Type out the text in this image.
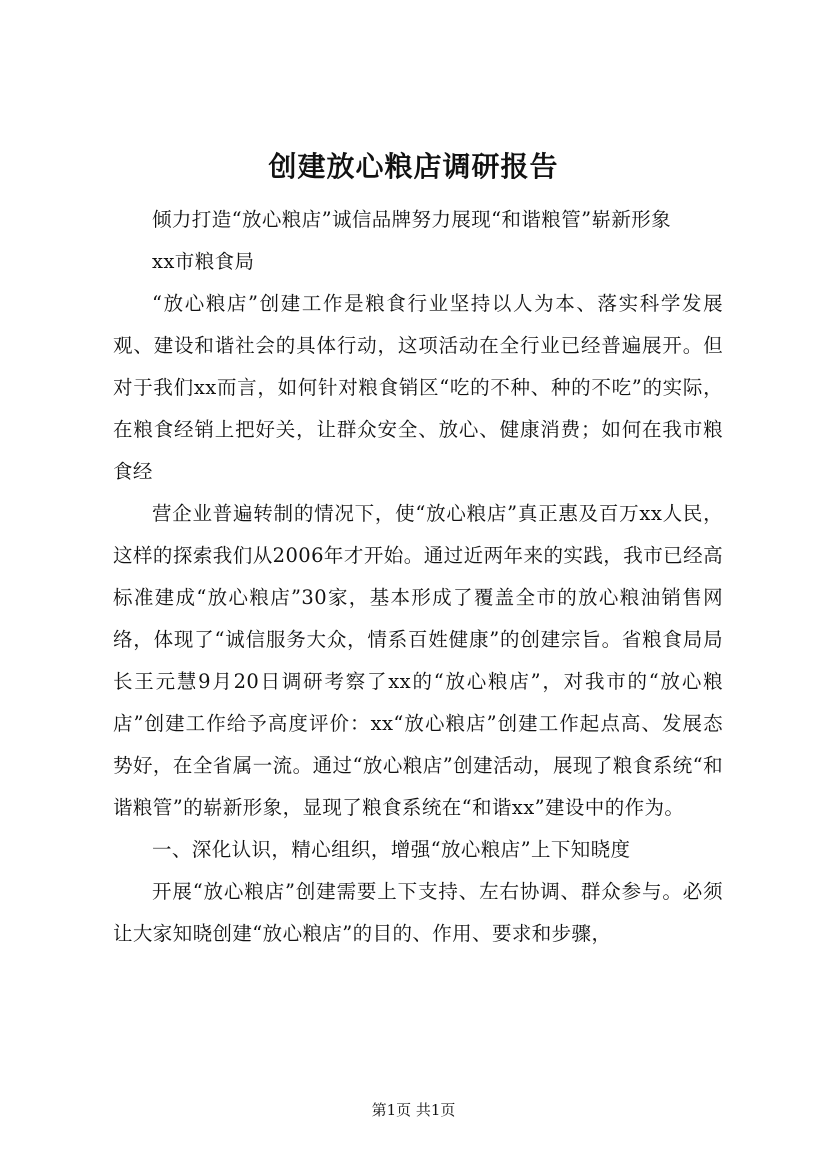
创建放心粮店调研报告

倾力打造“放心粮店”诚信品牌努力展现“和谐粮管”崭新形象

xx市粮食局

“放心粮店”创建工作是粮食行业坚持以人为本、落实科学发展观、建设和谐社会的具体行动，这项活动在全行业已经普遍展开。但对于我们xx而言，如何针对粮食销区“吃的不种、种的不吃”的实际，在粮食经销上把好关，让群众安全、放心、健康消费；如何在我市粮食经

营企业普遍转制的情况下，使“放心粮店”真正惠及百万xx人民，这样的探索我们从2006年才开始。通过近两年来的实践，我市已经高标准建成“放心粮店”30家，基本形成了覆盖全市的放心粮油销售网络，体现了“诚信服务大众，情系百姓健康”的创建宗旨。省粮食局局长王元慧9月20日调研考察了xx的“放心粮店”，对我市的“放心粮店”创建工作给予高度评价：xx“放心粮店”创建工作起点高、发展态势好，在全省属一流。通过“放心粮店”创建活动，展现了粮食系统“和谐粮管”的崭新形象，显现了粮食系统在“和谐xx”建设中的作为。

一、深化认识，精心组织，增强“放心粮店”上下知晓度

开展“放心粮店”创建需要上下支持、左右协调、群众参与。必须让大家知晓创建“放心粮店”的目的、作用、要求和步骤，

第1页 共1页
